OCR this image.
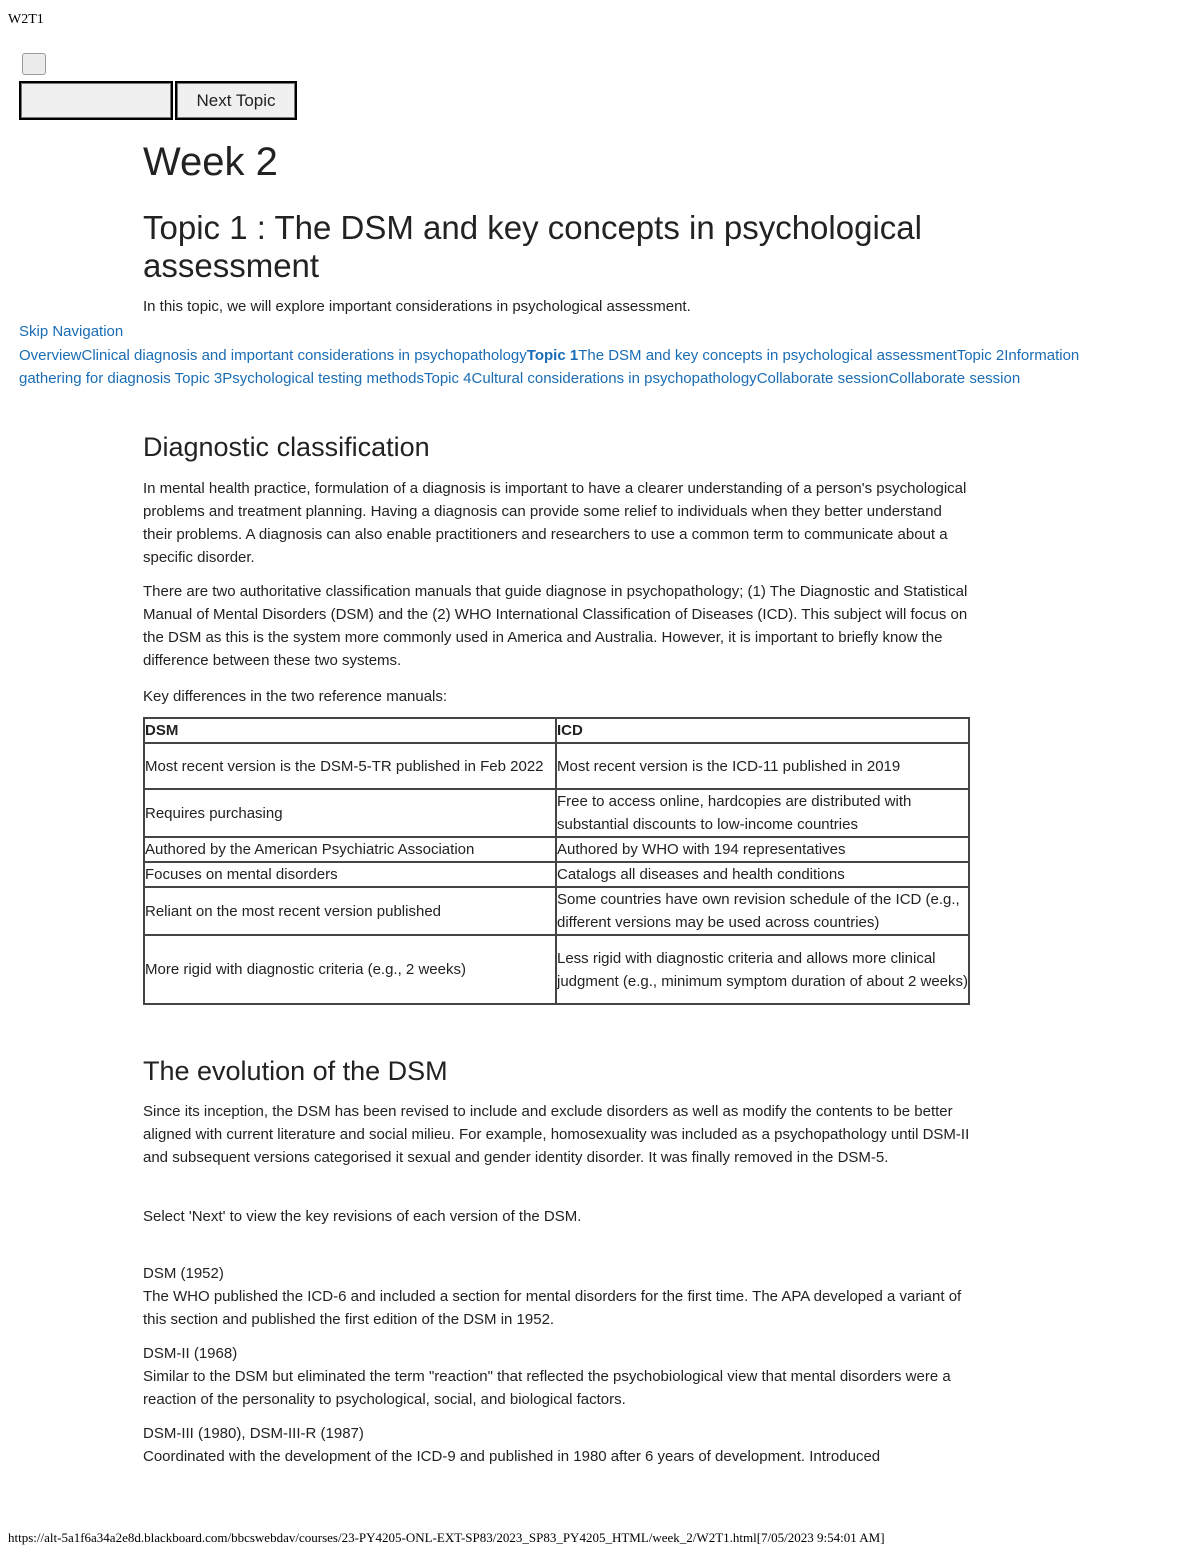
W2T1
Next Topic
Week 2
Topic 1 : The DSM and key concepts in psychological assessment

In this topic, we will explore important considerations in psychological assessment.

Skip Navigation
OverviewClinical diagnosis and important considerations in psychopathologyTopic 1The DSM and key concepts in psychological assessmentTopic 2Information gathering for diagnosis Topic 3Psychological testing methodsTopic 4Cultural considerations in psychopathologyCollaborate sessionCollaborate session
Diagnostic classification

In mental health practice, formulation of a diagnosis is important to have a clearer understanding of a person's psychological problems and treatment planning. Having a diagnosis can provide some relief to individuals when they better understand their problems. A diagnosis can also enable practitioners and researchers to use a common term to communicate about a specific disorder.

There are two authoritative classification manuals that guide diagnose in psychopathology; (1) The Diagnostic and Statistical Manual of Mental Disorders (DSM) and the (2) WHO International Classification of Diseases (ICD). This subject will focus on the DSM as this is the system more commonly used in America and Australia. However, it is important to briefly know the difference between these two systems.

Key differences in the two reference manuals:

DSM	ICD
Most recent version is the DSM-5-TR published in Feb 2022	Most recent version is the ICD-11 published in 2019
Requires purchasing	Free to access online, hardcopies are distributed with substantial discounts to low-income countries
Authored by the American Psychiatric Association	Authored by WHO with 194 representatives
Focuses on mental disorders	Catalogs all diseases and health conditions
Reliant on the most recent version published	Some countries have own revision schedule of the ICD (e.g., different versions may be used across countries)
More rigid with diagnostic criteria (e.g., 2 weeks)	Less rigid with diagnostic criteria and allows more clinical judgment (e.g., minimum symptom duration of about 2 weeks)
The evolution of the DSM

Since its inception, the DSM has been revised to include and exclude disorders as well as modify the contents to be better aligned with current literature and social milieu. For example, homosexuality was included as a psychopathology until DSM-II and subsequent versions categorised it sexual and gender identity disorder. It was finally removed in the DSM-5.

Select 'Next' to view the key revisions of each version of the DSM.

DSM (1952)
The WHO published the ICD-6 and included a section for mental disorders for the first time. The APA developed a variant of this section and published the first edition of the DSM in 1952.
DSM-II (1968)
Similar to the DSM but eliminated the term "reaction" that reflected the psychobiological view that mental disorders were a reaction of the personality to psychological, social, and biological factors.
DSM-III (1980), DSM-III-R (1987)
Coordinated with the development of the ICD-9 and published in 1980 after 6 years of development. Introduced
https://alt-5a1f6a34a2e8d.blackboard.com/bbcswebdav/courses/23-PY4205-ONL-EXT-SP83/2023_SP83_PY4205_HTML/week_2/W2T1.html[7/05/2023 9:54:01 AM]
